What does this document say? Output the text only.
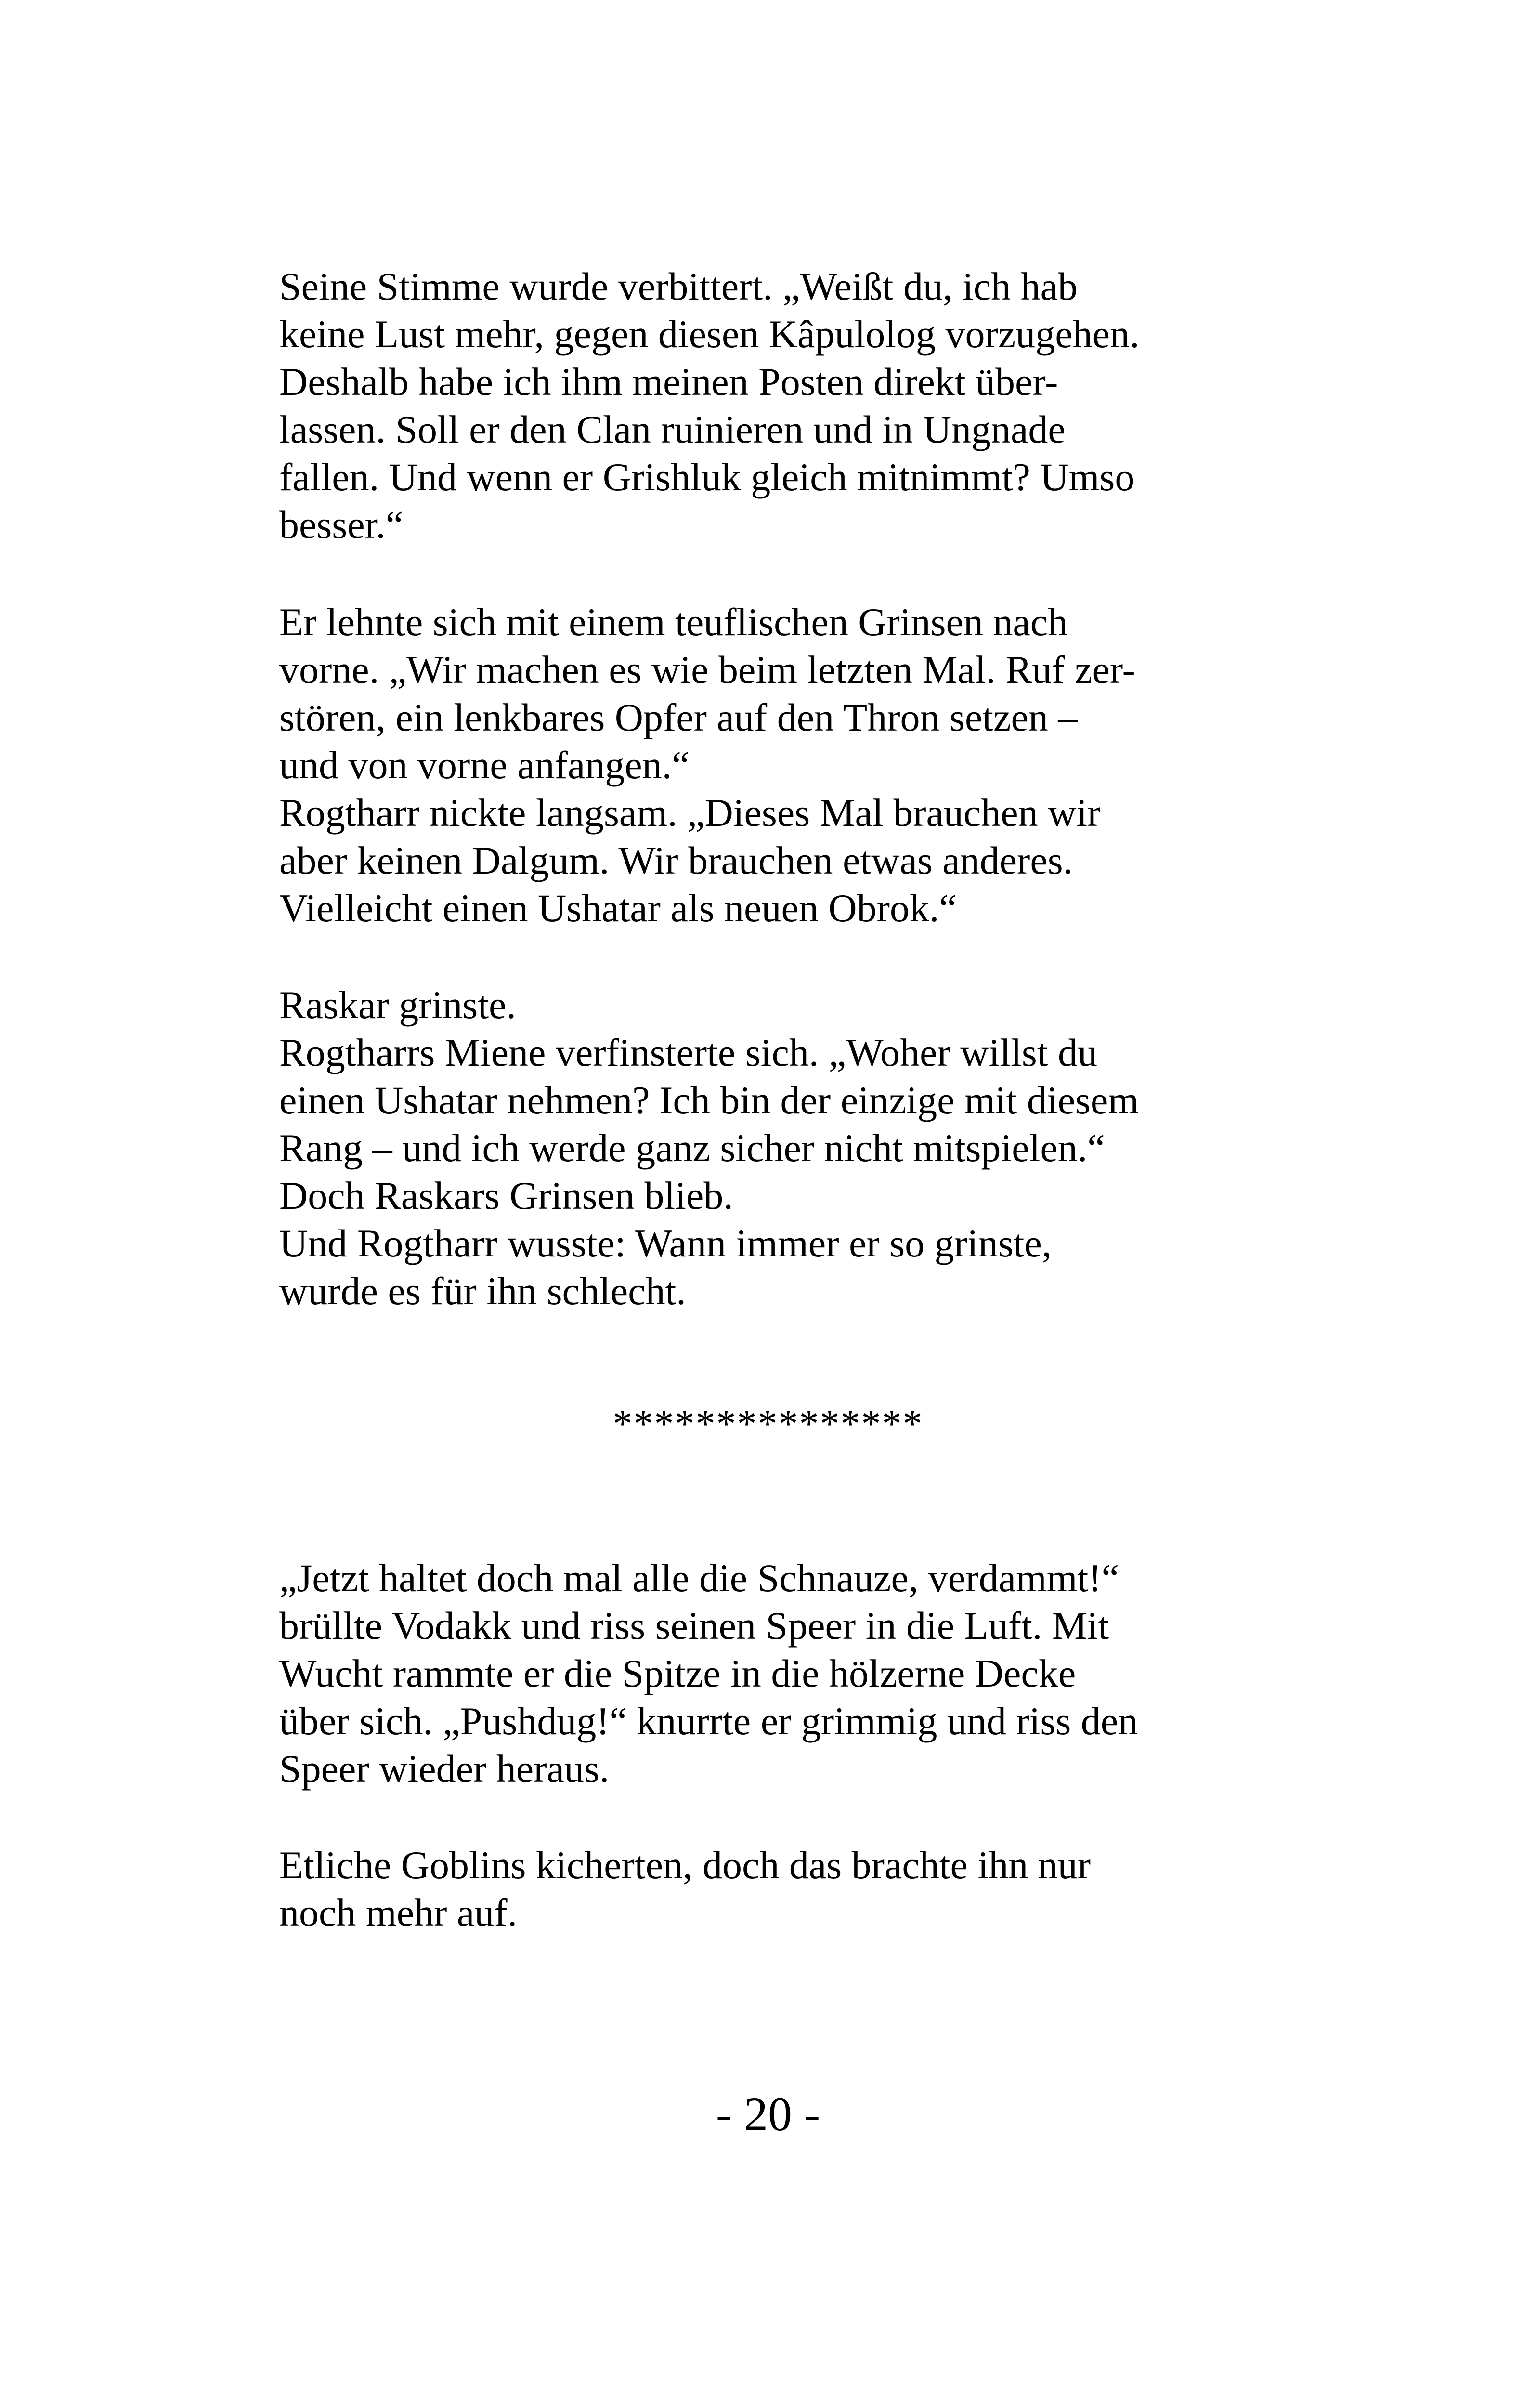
Seine Stimme wurde verbittert. „Weißt du, ich hab
keine Lust mehr, gegen diesen Kâpulolog vorzugehen.
Deshalb habe ich ihm meinen Posten direkt über-
lassen. Soll er den Clan ruinieren und in Ungnade
fallen. Und wenn er Grishluk gleich mitnimmt? Umso
besser.“
Er lehnte sich mit einem teuflischen Grinsen nach
vorne. „Wir machen es wie beim letzten Mal. Ruf zer-
stören, ein lenkbares Opfer auf den Thron setzen –
und von vorne anfangen.“
Rogtharr nickte langsam. „Dieses Mal brauchen wir
aber keinen Dalgum. Wir brauchen etwas anderes.
Vielleicht einen Ushatar als neuen Obrok.“
Raskar grinste.
Rogtharrs Miene verfinsterte sich. „Woher willst du
einen Ushatar nehmen? Ich bin der einzige mit diesem
Rang – und ich werde ganz sicher nicht mitspielen.“
Doch Raskars Grinsen blieb.
Und Rogtharr wusste: Wann immer er so grinste,
wurde es für ihn schlecht.
***************
„Jetzt haltet doch mal alle die Schnauze, verdammt!“
brüllte Vodakk und riss seinen Speer in die Luft. Mit
Wucht rammte er die Spitze in die hölzerne Decke
über sich. „Pushdug!“ knurrte er grimmig und riss den
Speer wieder heraus.
Etliche Goblins kicherten, doch das brachte ihn nur
noch mehr auf.
- 20 -
